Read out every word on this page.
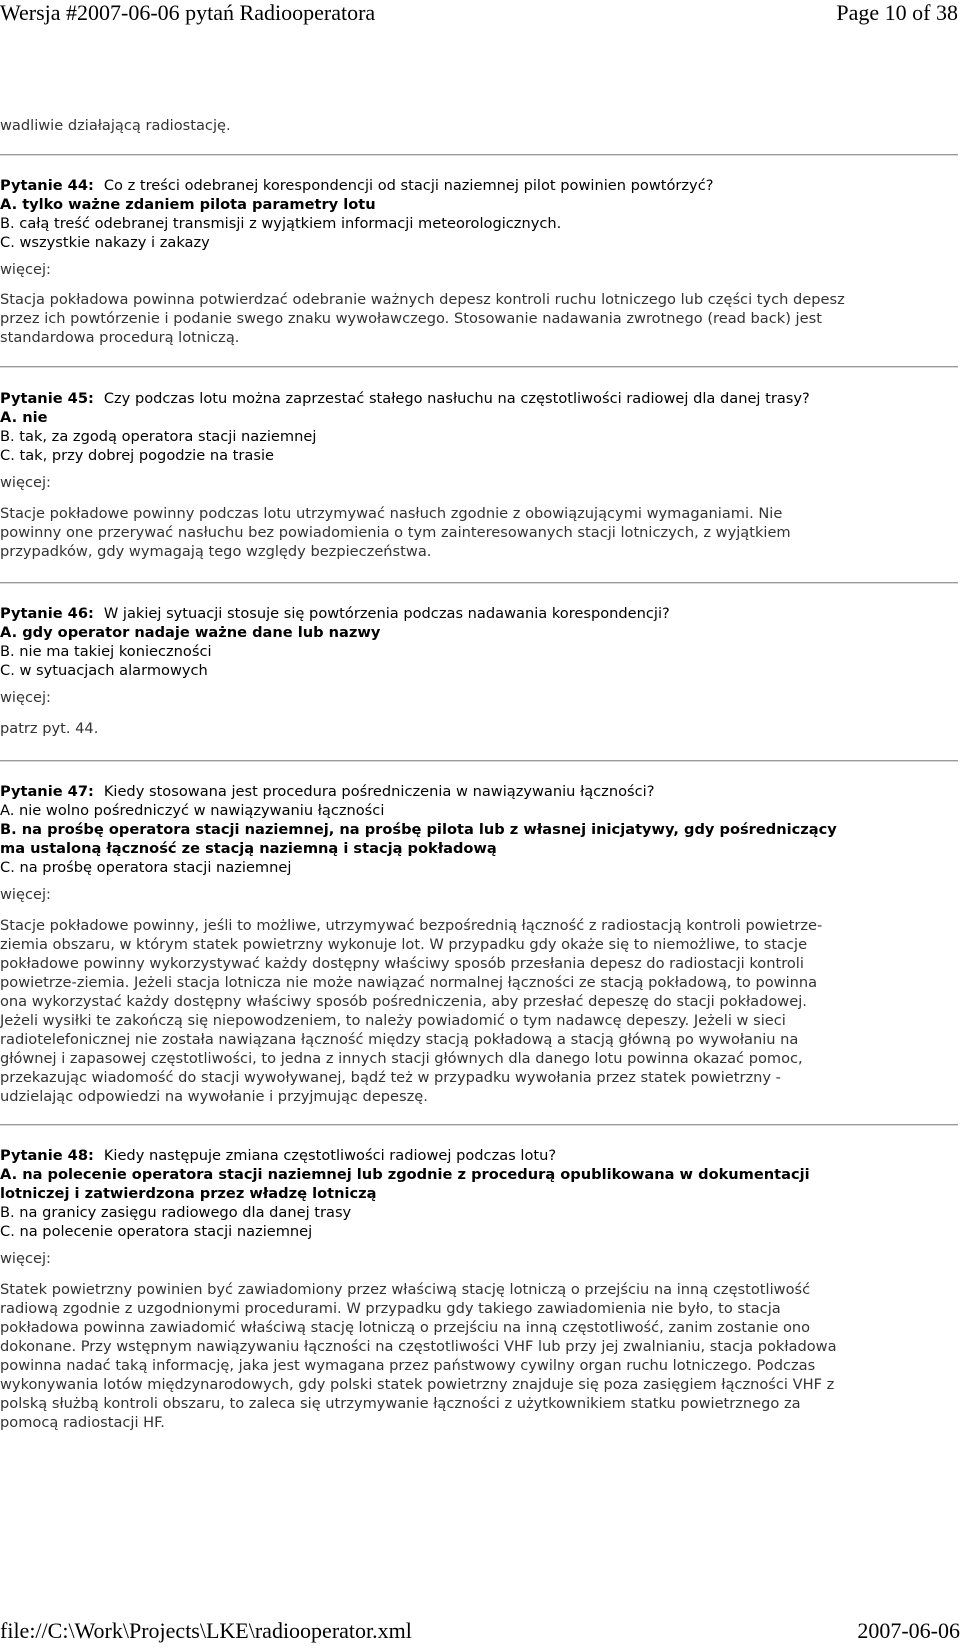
Wersja #2007-06-06 pytań Radiooperatora	Page 10 of 38
wadliwie działającą radiostację.
Pytanie 44: Co z treści odebranej korespondencji od stacji naziemnej pilot powinien powtórzyć?
A. tylko ważne zdaniem pilota parametry lotu
B. całą treść odebranej transmisji z wyjątkiem informacji meteorologicznych.
C. wszystkie nakazy i zakazy
więcej:
Stacja pokładowa powinna potwierdzać odebranie ważnych depesz kontroli ruchu lotniczego lub części tych depesz
przez ich powtórzenie i podanie swego znaku wywoławczego. Stosowanie nadawania zwrotnego (read back) jest
standardowa procedurą lotniczą.
Pytanie 45: Czy podczas lotu można zaprzestać stałego nasłuchu na częstotliwości radiowej dla danej trasy?
A. nie
B. tak, za zgodą operatora stacji naziemnej
C. tak, przy dobrej pogodzie na trasie
więcej:
Stacje pokładowe powinny podczas lotu utrzymywać nasłuch zgodnie z obowiązującymi wymaganiami. Nie
powinny one przerywać nasłuchu bez powiadomienia o tym zainteresowanych stacji lotniczych, z wyjątkiem
przypadków, gdy wymagają tego względy bezpieczeństwa.
Pytanie 46: W jakiej sytuacji stosuje się powtórzenia podczas nadawania korespondencji?
A. gdy operator nadaje ważne dane lub nazwy
B. nie ma takiej konieczności
C. w sytuacjach alarmowych
więcej:
patrz pyt. 44.
Pytanie 47: Kiedy stosowana jest procedura pośredniczenia w nawiązywaniu łączności?
A. nie wolno pośredniczyć w nawiązywaniu łączności
B. na prośbę operatora stacji naziemnej, na prośbę pilota lub z własnej inicjatywy, gdy pośredniczący
ma ustaloną łączność ze stacją naziemną i stacją pokładową
C. na prośbę operatora stacji naziemnej
więcej:
Stacje pokładowe powinny, jeśli to możliwe, utrzymywać bezpośrednią łączność z radiostacją kontroli powietrze-
ziemia obszaru, w którym statek powietrzny wykonuje lot. W przypadku gdy okaże się to niemożliwe, to stacje
pokładowe powinny wykorzystywać każdy dostępny właściwy sposób przesłania depesz do radiostacji kontroli
powietrze-ziemia. Jeżeli stacja lotnicza nie może nawiązać normalnej łączności ze stacją pokładową, to powinna
ona wykorzystać każdy dostępny właściwy sposób pośredniczenia, aby przesłać depeszę do stacji pokładowej.
Jeżeli wysiłki te zakończą się niepowodzeniem, to należy powiadomić o tym nadawcę depeszy. Jeżeli w sieci
radiotelefonicznej nie została nawiązana łączność między stacją pokładową a stacją główną po wywołaniu na
głównej i zapasowej częstotliwości, to jedna z innych stacji głównych dla danego lotu powinna okazać pomoc,
przekazując wiadomość do stacji wywoływanej, bądź też w przypadku wywołania przez statek powietrzny -
udzielając odpowiedzi na wywołanie i przyjmując depeszę.
Pytanie 48: Kiedy następuje zmiana częstotliwości radiowej podczas lotu?
A. na polecenie operatora stacji naziemnej lub zgodnie z procedurą opublikowana w dokumentacji
lotniczej i zatwierdzona przez władzę lotniczą
B. na granicy zasięgu radiowego dla danej trasy
C. na polecenie operatora stacji naziemnej
więcej:
Statek powietrzny powinien być zawiadomiony przez właściwą stację lotniczą o przejściu na inną częstotliwość
radiową zgodnie z uzgodnionymi procedurami. W przypadku gdy takiego zawiadomienia nie było, to stacja
pokładowa powinna zawiadomić właściwą stację lotniczą o przejściu na inną częstotliwość, zanim zostanie ono
dokonane. Przy wstępnym nawiązywaniu łączności na częstotliwości VHF lub przy jej zwalnianiu, stacja pokładowa
powinna nadać taką informację, jaka jest wymagana przez państwowy cywilny organ ruchu lotniczego. Podczas
wykonywania lotów międzynarodowych, gdy polski statek powietrzny znajduje się poza zasięgiem łączności VHF z
polską służbą kontroli obszaru, to zaleca się utrzymywanie łączności z użytkownikiem statku powietrznego za
pomocą radiostacji HF.
file://C:\Work\Projects\LKE\radiooperator.xml	2007-06-06
